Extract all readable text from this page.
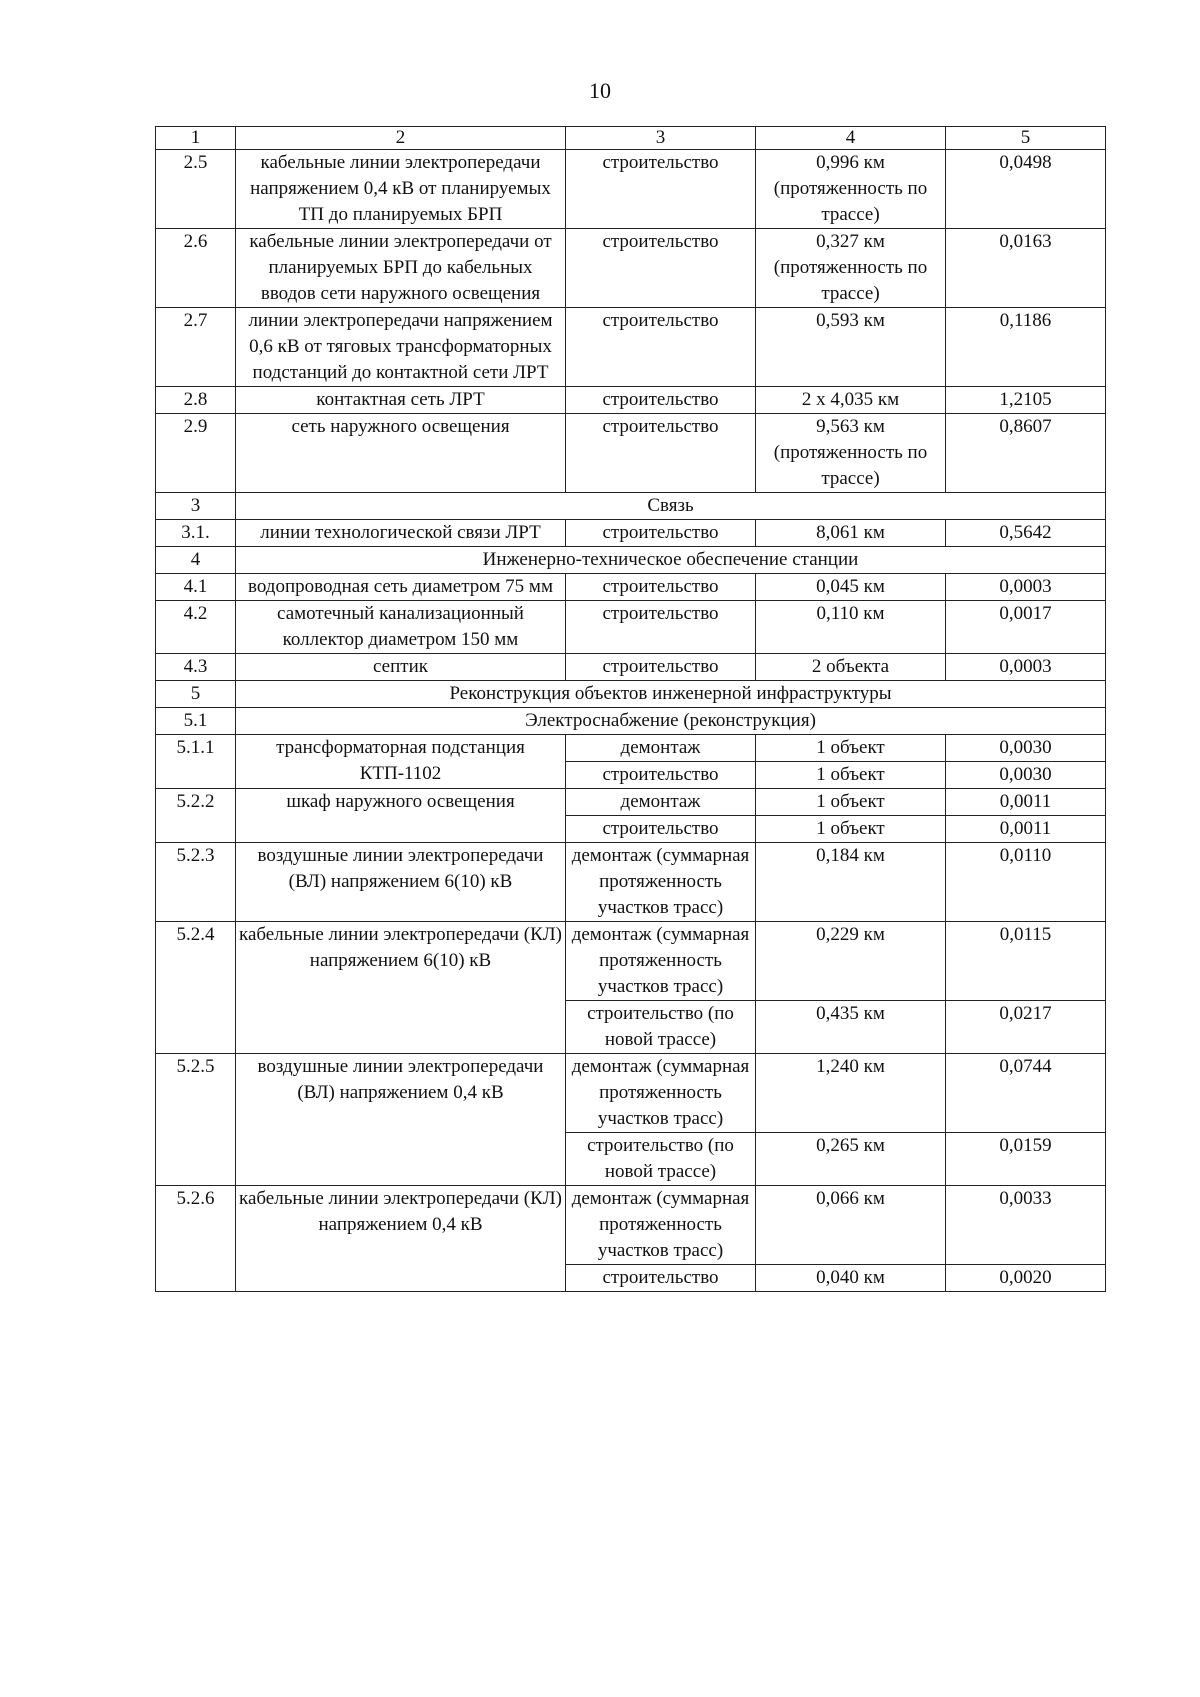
10
1	2	3	4	5
2.5	кабельные линии электропередачи напряжением 0,4 кВ от планируемых ТП до планируемых БРП	строительство	0,996 км (протяженность по трассе)	0,0498
2.6	кабельные линии электропередачи от планируемых БРП до кабельных вводов сети наружного освещения	строительство	0,327 км (протяженность по трассе)	0,0163
2.7	линии электропередачи напряжением 0,6 кВ от тяговых трансформаторных подстанций до контактной сети ЛРТ	строительство	0,593 км	0,1186
2.8	контактная сеть ЛРТ	строительство	2 х 4,035 км	1,2105
2.9	сеть наружного освещения	строительство	9,563 км (протяженность по трассе)	0,8607
3	Связь			
3.1.	линии технологической связи ЛРТ	строительство	8,061 км	0,5642
4	Инженерно-техническое обеспечение станции			
4.1	водопроводная сеть диаметром 75 мм	строительство	0,045 км	0,0003
4.2	самотечный канализационный коллектор диаметром 150 мм	строительство	0,110 км	0,0017
4.3	септик	строительство	2 объекта	0,0003
5	Реконструкция объектов инженерной инфраструктуры			
5.1	Электроснабжение (реконструкция)			
5.1.1	трансформаторная подстанция КТП-1102	демонтаж	1 объект	0,0030
		строительство	1 объект	0,0030
5.2.2	шкаф наружного освещения	демонтаж	1 объект	0,0011
		строительство	1 объект	0,0011
5.2.3	воздушные линии электропередачи (ВЛ) напряжением 6(10) кВ	демонтаж (суммарная протяженность участков трасс)	0,184 км	0,0110
5.2.4	кабельные линии электропередачи (КЛ) напряжением 6(10) кВ	демонтаж (суммарная протяженность участков трасс)	0,229 км	0,0115
		строительство (по новой трассе)	0,435 км	0,0217
5.2.5	воздушные линии электропередачи (ВЛ) напряжением 0,4 кВ	демонтаж (суммарная протяженность участков трасс)	1,240 км	0,0744
		строительство (по новой трассе)	0,265 км	0,0159
5.2.6	кабельные линии электропередачи (КЛ) напряжением 0,4 кВ	демонтаж (суммарная протяженность участков трасс)	0,066 км	0,0033
		строительство	0,040 км	0,0020
